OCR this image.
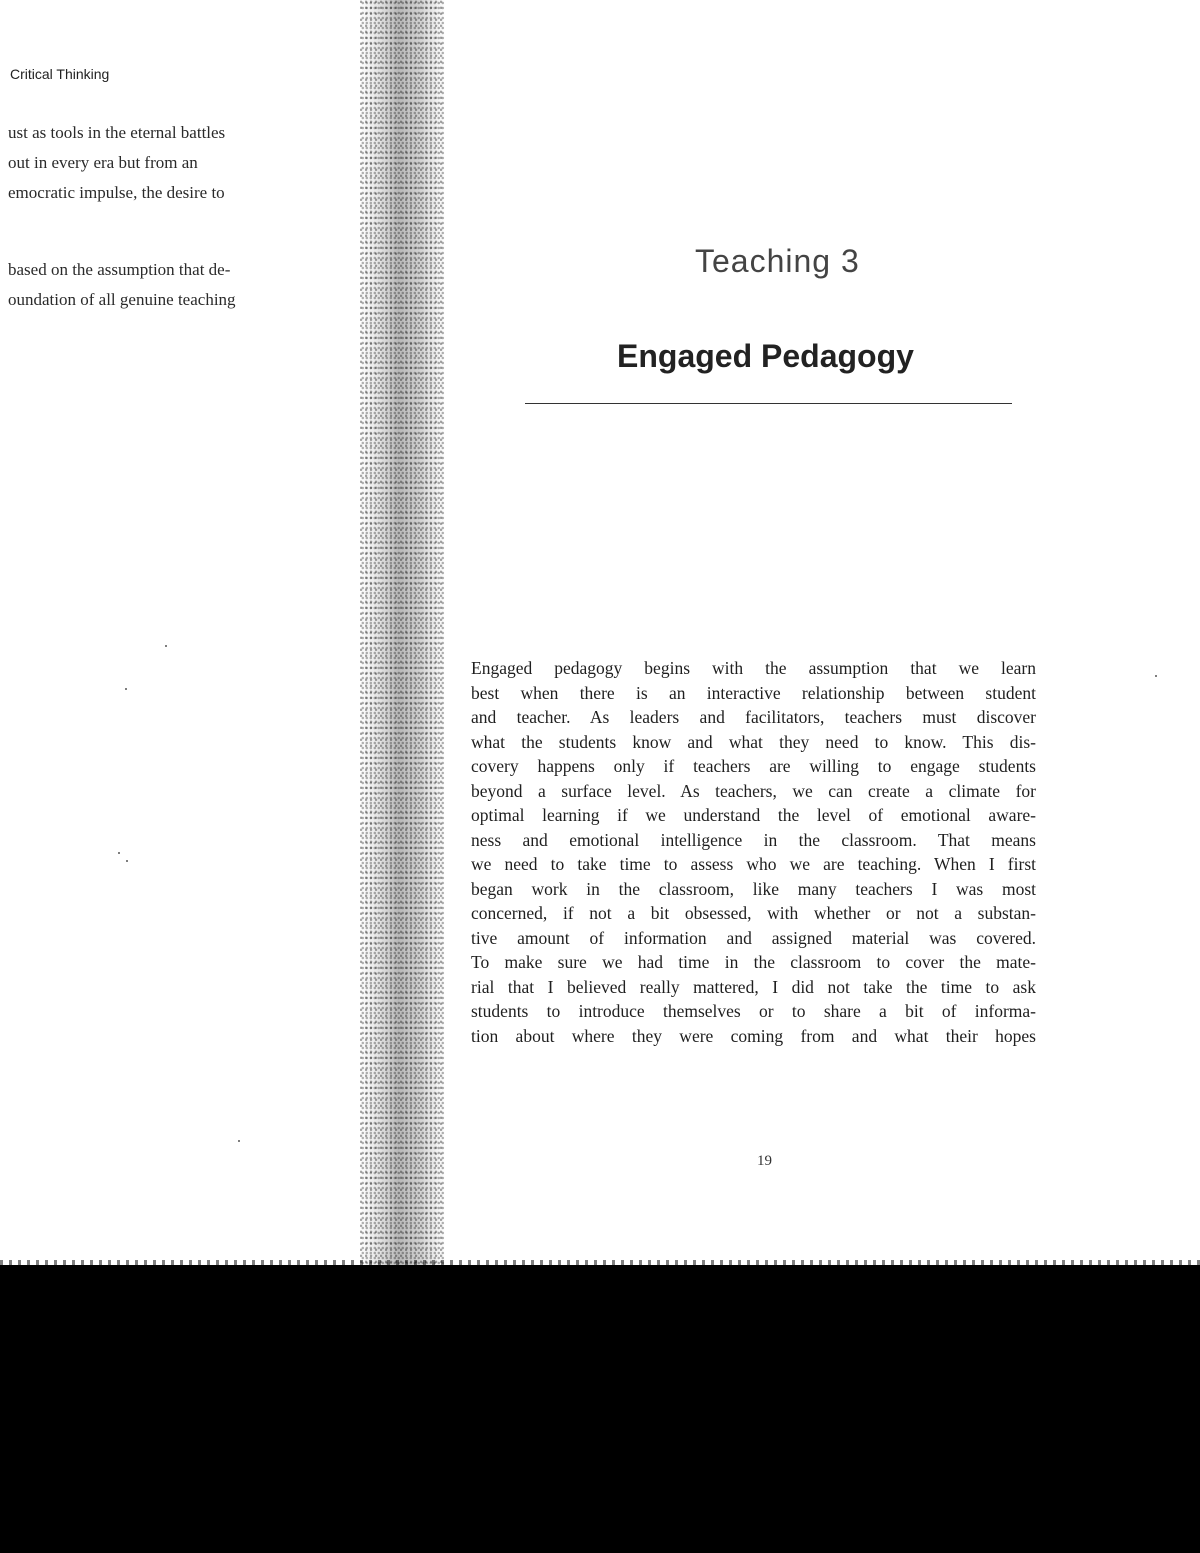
Critical Thinking
ust as tools in the eternal battles
out in every era but from an
emocratic impulse, the desire to
based on the assumption that de-
oundation of all genuine teaching
Teaching 3
Engaged Pedagogy
Engaged pedagogy begins with the assumption that we learn
best when there is an interactive relationship between student
and teacher. As leaders and facilitators, teachers must discover
what the students know and what they need to know. This dis-
covery happens only if teachers are willing to engage students
beyond a surface level. As teachers, we can create a climate for
optimal learning if we understand the level of emotional aware-
ness and emotional intelligence in the classroom. That means
we need to take time to assess who we are teaching. When I first
began work in the classroom, like many teachers I was most
concerned, if not a bit obsessed, with whether or not a substan-
tive amount of information and assigned material was covered.
To make sure we had time in the classroom to cover the mate-
rial that I believed really mattered, I did not take the time to ask
students to introduce themselves or to share a bit of informa-
tion about where they were coming from and what their hopes
19
